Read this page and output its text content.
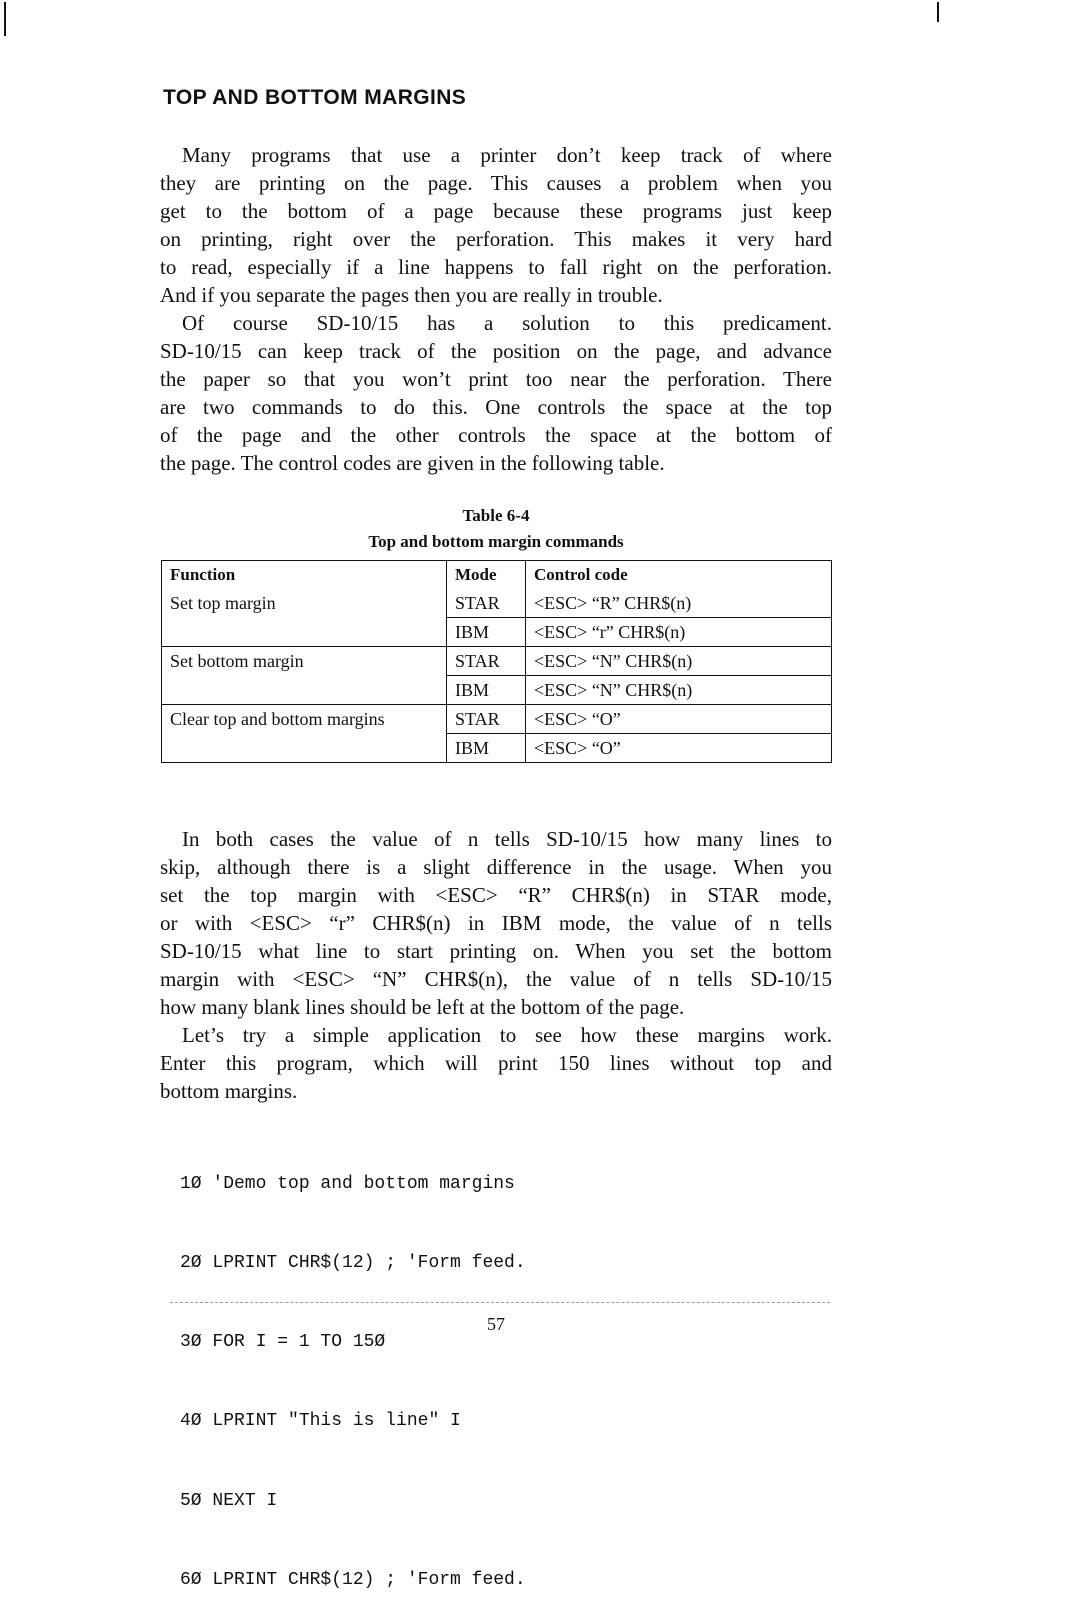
TOP AND BOTTOM MARGINS
Many programs that use a printer don’t keep track of where
they are printing on the page. This causes a problem when you
get to the bottom of a page because these programs just keep
on printing, right over the perforation. This makes it very hard
to read, especially if a line happens to fall right on the perforation.
And if you separate the pages then you are really in trouble.
Of course SD-10/15 has a solution to this predicament.
SD-10/15 can keep track of the position on the page, and advance
the paper so that you won’t print too near the perforation. There
are two commands to do this. One controls the space at the top
of the page and the other controls the space at the bottom of
the page. The control codes are given in the following table.

Table 6-4

Top and bottom margin commands

Function	Mode	Control code
Set top margin	STAR	<ESC> “R” CHR$(n)
	IBM	<ESC> “r” CHR$(n)
Set bottom margin	STAR	<ESC> “N” CHR$(n)
	IBM	<ESC> “N” CHR$(n)
Clear top and bottom margins	STAR	<ESC> “O”
	IBM	<ESC> “O”
In both cases the value of n tells SD-10/15 how many lines to
skip, although there is a slight difference in the usage. When you
set the top margin with <ESC> “R” CHR$(n) in STAR mode,
or with <ESC> “r” CHR$(n) in IBM mode, the value of n tells
SD-10/15 what line to start printing on. When you set the bottom
margin with <ESC> “N” CHR$(n), the value of n tells SD-10/15
how many blank lines should be left at the bottom of the page.
Let’s try a simple application to see how these margins work.
Enter this program, which will print 150 lines without top and
bottom margins.

1Ø 'Demo top and bottom margins

2Ø LPRINT CHR$(12) ; 'Form feed.

3Ø FOR I = 1 TO 15Ø

4Ø LPRINT "This is line" I

5Ø NEXT I

6Ø LPRINT CHR$(12) ; 'Form feed.

57
